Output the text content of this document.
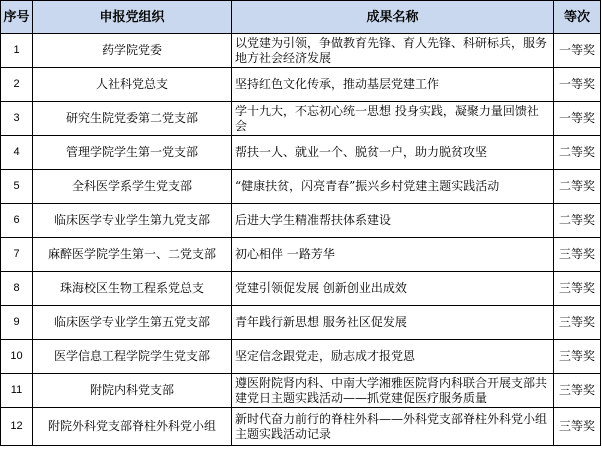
序号	申报党组织	成果名称	等次
1	药学院党委	以党建为引领，争做教育先锋、育人先锋、科研标兵，服务地方社会经济发展	一等奖
2	人社科党总支	坚持红色文化传承，推动基层党建工作	一等奖
3	研究生院党委第二党支部	学十九大，不忘初心统一思想 投身实践，凝聚力量回馈社会	一等奖
4	管理学院学生第一党支部	帮扶一人、就业一个、脱贫一户，助力脱贫攻坚	二等奖
5	全科医学系学生党支部	“健康扶贫，闪亮青春”振兴乡村党建主题实践活动	二等奖
6	临床医学专业学生第九党支部	后进大学生精准帮扶体系建设	二等奖
7	麻醉医学院学生第一、二党支部	初心相伴 一路芳华	三等奖
8	珠海校区生物工程系党总支	党建引领促发展 创新创业出成效	三等奖
9	临床医学专业学生第五党支部	青年践行新思想 服务社区促发展	三等奖
10	医学信息工程学院学生党支部	坚定信念跟党走，励志成才报党恩	三等奖
11	附院内科党支部	遵医附院肾内科、中南大学湘雅医院肾内科联合开展支部共建党日主题实践活动——抓党建促医疗服务质量	三等奖
12	附院外科党支部脊柱外科党小组	新时代奋力前行的脊柱外科——外科党支部脊柱外科党小组主题实践活动记录	三等奖
